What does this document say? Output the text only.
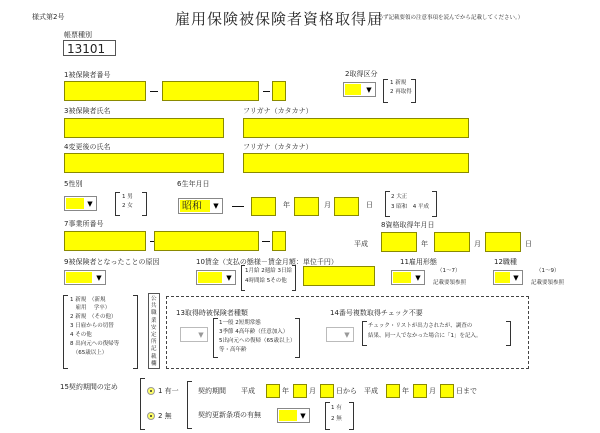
様式第2号	雇用保険被保険者資格取得届
（必ず記載要領の注意事項を読んでから記載してください。）
帳票種別
13101
1被保険者番号	2取得区分
▼
1 新規
2 再取得
3被保険者氏名	フリガナ（カタカナ）
4変更後の氏名	フリガナ（カタカナ）
5性別
▼
1 男
2 女
6生年月日
昭和	▼	年	月	日
2 大正
3 昭和　4 平成
7事業所番号	8資格取得年月日
平成	年	月	日
9被保険者となったことの原因
▼
10賃金（支払の態様－賃金月額：単位千円）
▼
1月給 2週給 3日給
4時間給 5その他
11雇用形態
▼
（1～7）
記載要領参照
12職種
▼
（1～9）
記載要領参照
1 新規　（新規
　雇用　 学卒）
2 新規　（その他）
3 日雇からの切替
4 その他
8 出向元への復帰等
　（65歳以上）
公
共
職
業
安
定
所
記
載
欄
13取得時被保険者種類
▼
1一般 2短期常態
3季節 4高年齢（任意加入）
5出向元への復帰（65歳以上）
等・高年齢
14番号複数取得チェック不要
▼
チェック・リストが出力されたが、調査の
結果、同一人でなかった場合に「1」を記入。
15契約期間の定め	1 有一
2 無
契約期間 平成	年	月	日から 平成	年	月	日まで
契約更新条項の有無	▼
1 有
2 無
